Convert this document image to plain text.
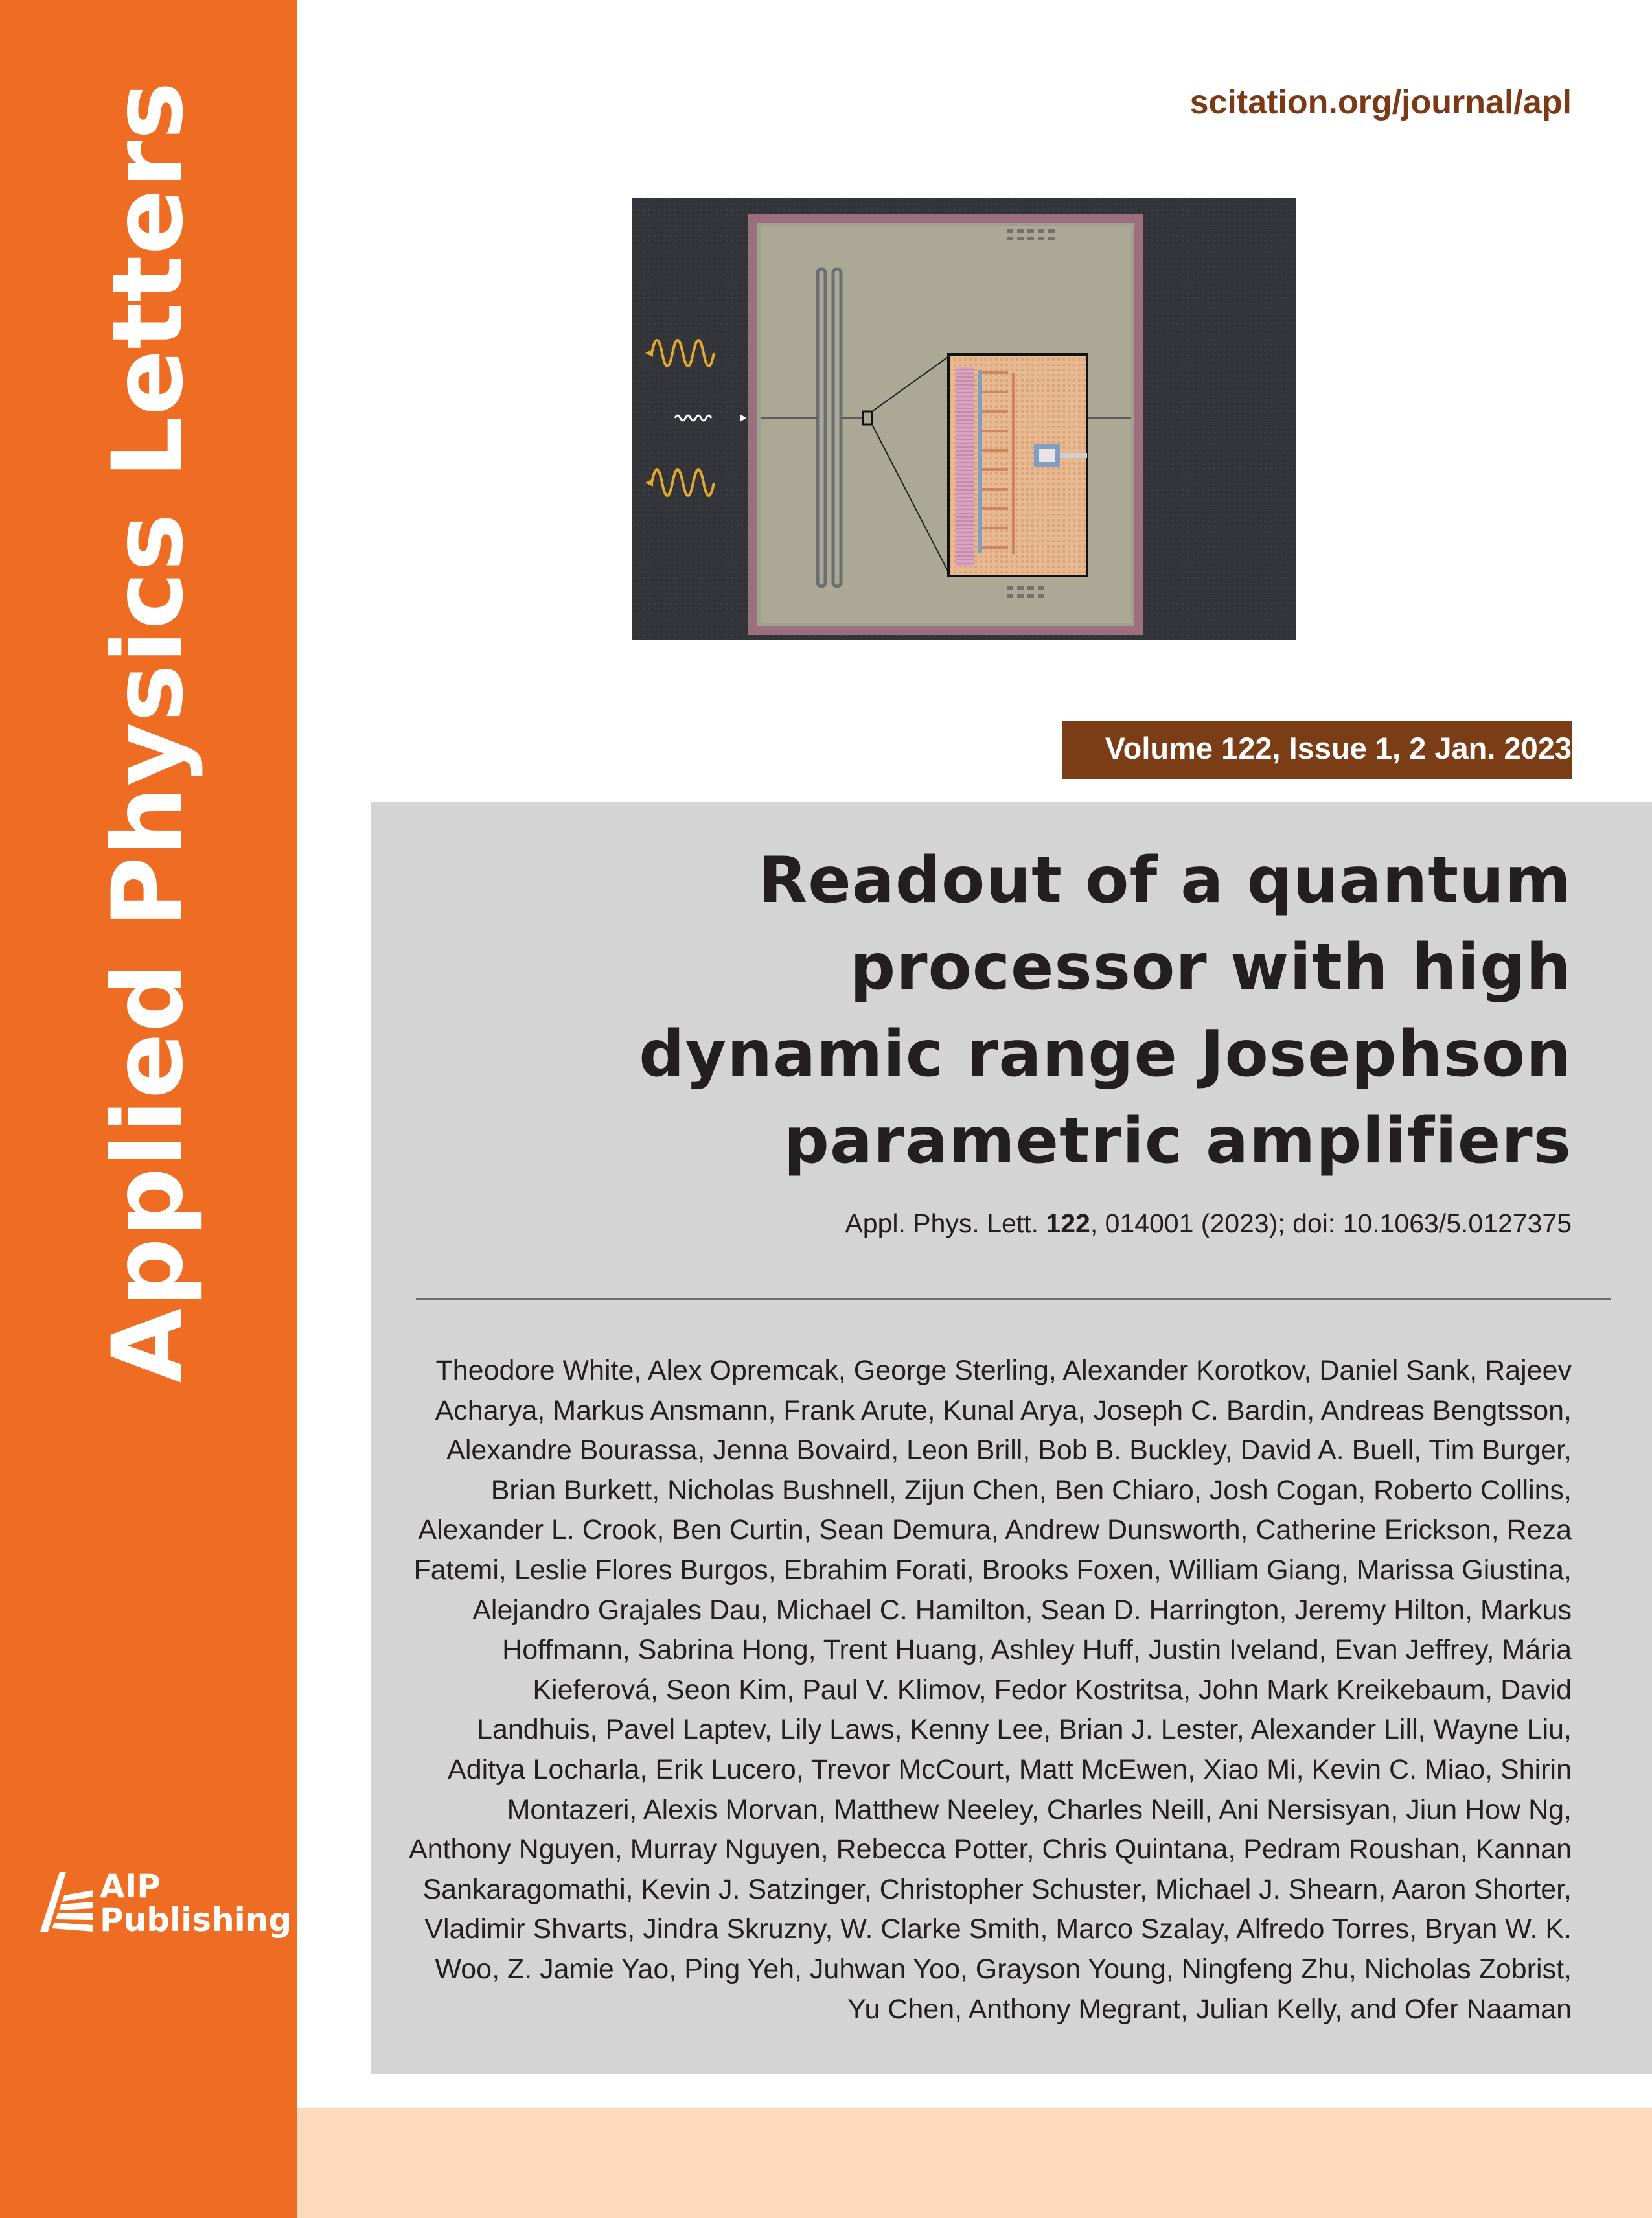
Applied Physics Letters
AIP
Publishing
scitation.org/journal/apl
Volume 122, Issue 1, 2 Jan. 2023
Readout of a quantum processor with high dynamic range Josephson parametric amplifiers
Appl. Phys. Lett. 122, 014001 (2023); doi: 10.1063/5.0127375
Theodore White, Alex Opremcak, George Sterling, Alexander Korotkov, Daniel Sank, Rajeev Acharya, Markus Ansmann, Frank Arute, Kunal Arya, Joseph C. Bardin, Andreas Bengtsson, Alexandre Bourassa, Jenna Bovaird, Leon Brill, Bob B. Buckley, David A. Buell, Tim Burger, Brian Burkett, Nicholas Bushnell, Zijun Chen, Ben Chiaro, Josh Cogan, Roberto Collins, Alexander L. Crook, Ben Curtin, Sean Demura, Andrew Dunsworth, Catherine Erickson, Reza Fatemi, Leslie Flores Burgos, Ebrahim Forati, Brooks Foxen, William Giang, Marissa Giustina, Alejandro Grajales Dau, Michael C. Hamilton, Sean D. Harrington, Jeremy Hilton, Markus Hoffmann, Sabrina Hong, Trent Huang, Ashley Huff, Justin Iveland, Evan Jeffrey, Mária Kieferová, Seon Kim, Paul V. Klimov, Fedor Kostritsa, John Mark Kreikebaum, David Landhuis, Pavel Laptev, Lily Laws, Kenny Lee, Brian J. Lester, Alexander Lill, Wayne Liu, Aditya Locharla, Erik Lucero, Trevor McCourt, Matt McEwen, Xiao Mi, Kevin C. Miao, Shirin Montazeri, Alexis Morvan, Matthew Neeley, Charles Neill, Ani Nersisyan, Jiun How Ng, Anthony Nguyen, Murray Nguyen, Rebecca Potter, Chris Quintana, Pedram Roushan, Kannan Sankaragomathi, Kevin J. Satzinger, Christopher Schuster, Michael J. Shearn, Aaron Shorter, Vladimir Shvarts, Jindra Skruzny, W. Clarke Smith, Marco Szalay, Alfredo Torres, Bryan W. K. Woo, Z. Jamie Yao, Ping Yeh, Juhwan Yoo, Grayson Young, Ningfeng Zhu, Nicholas Zobrist, Yu Chen, Anthony Megrant, Julian Kelly, and Ofer Naaman
